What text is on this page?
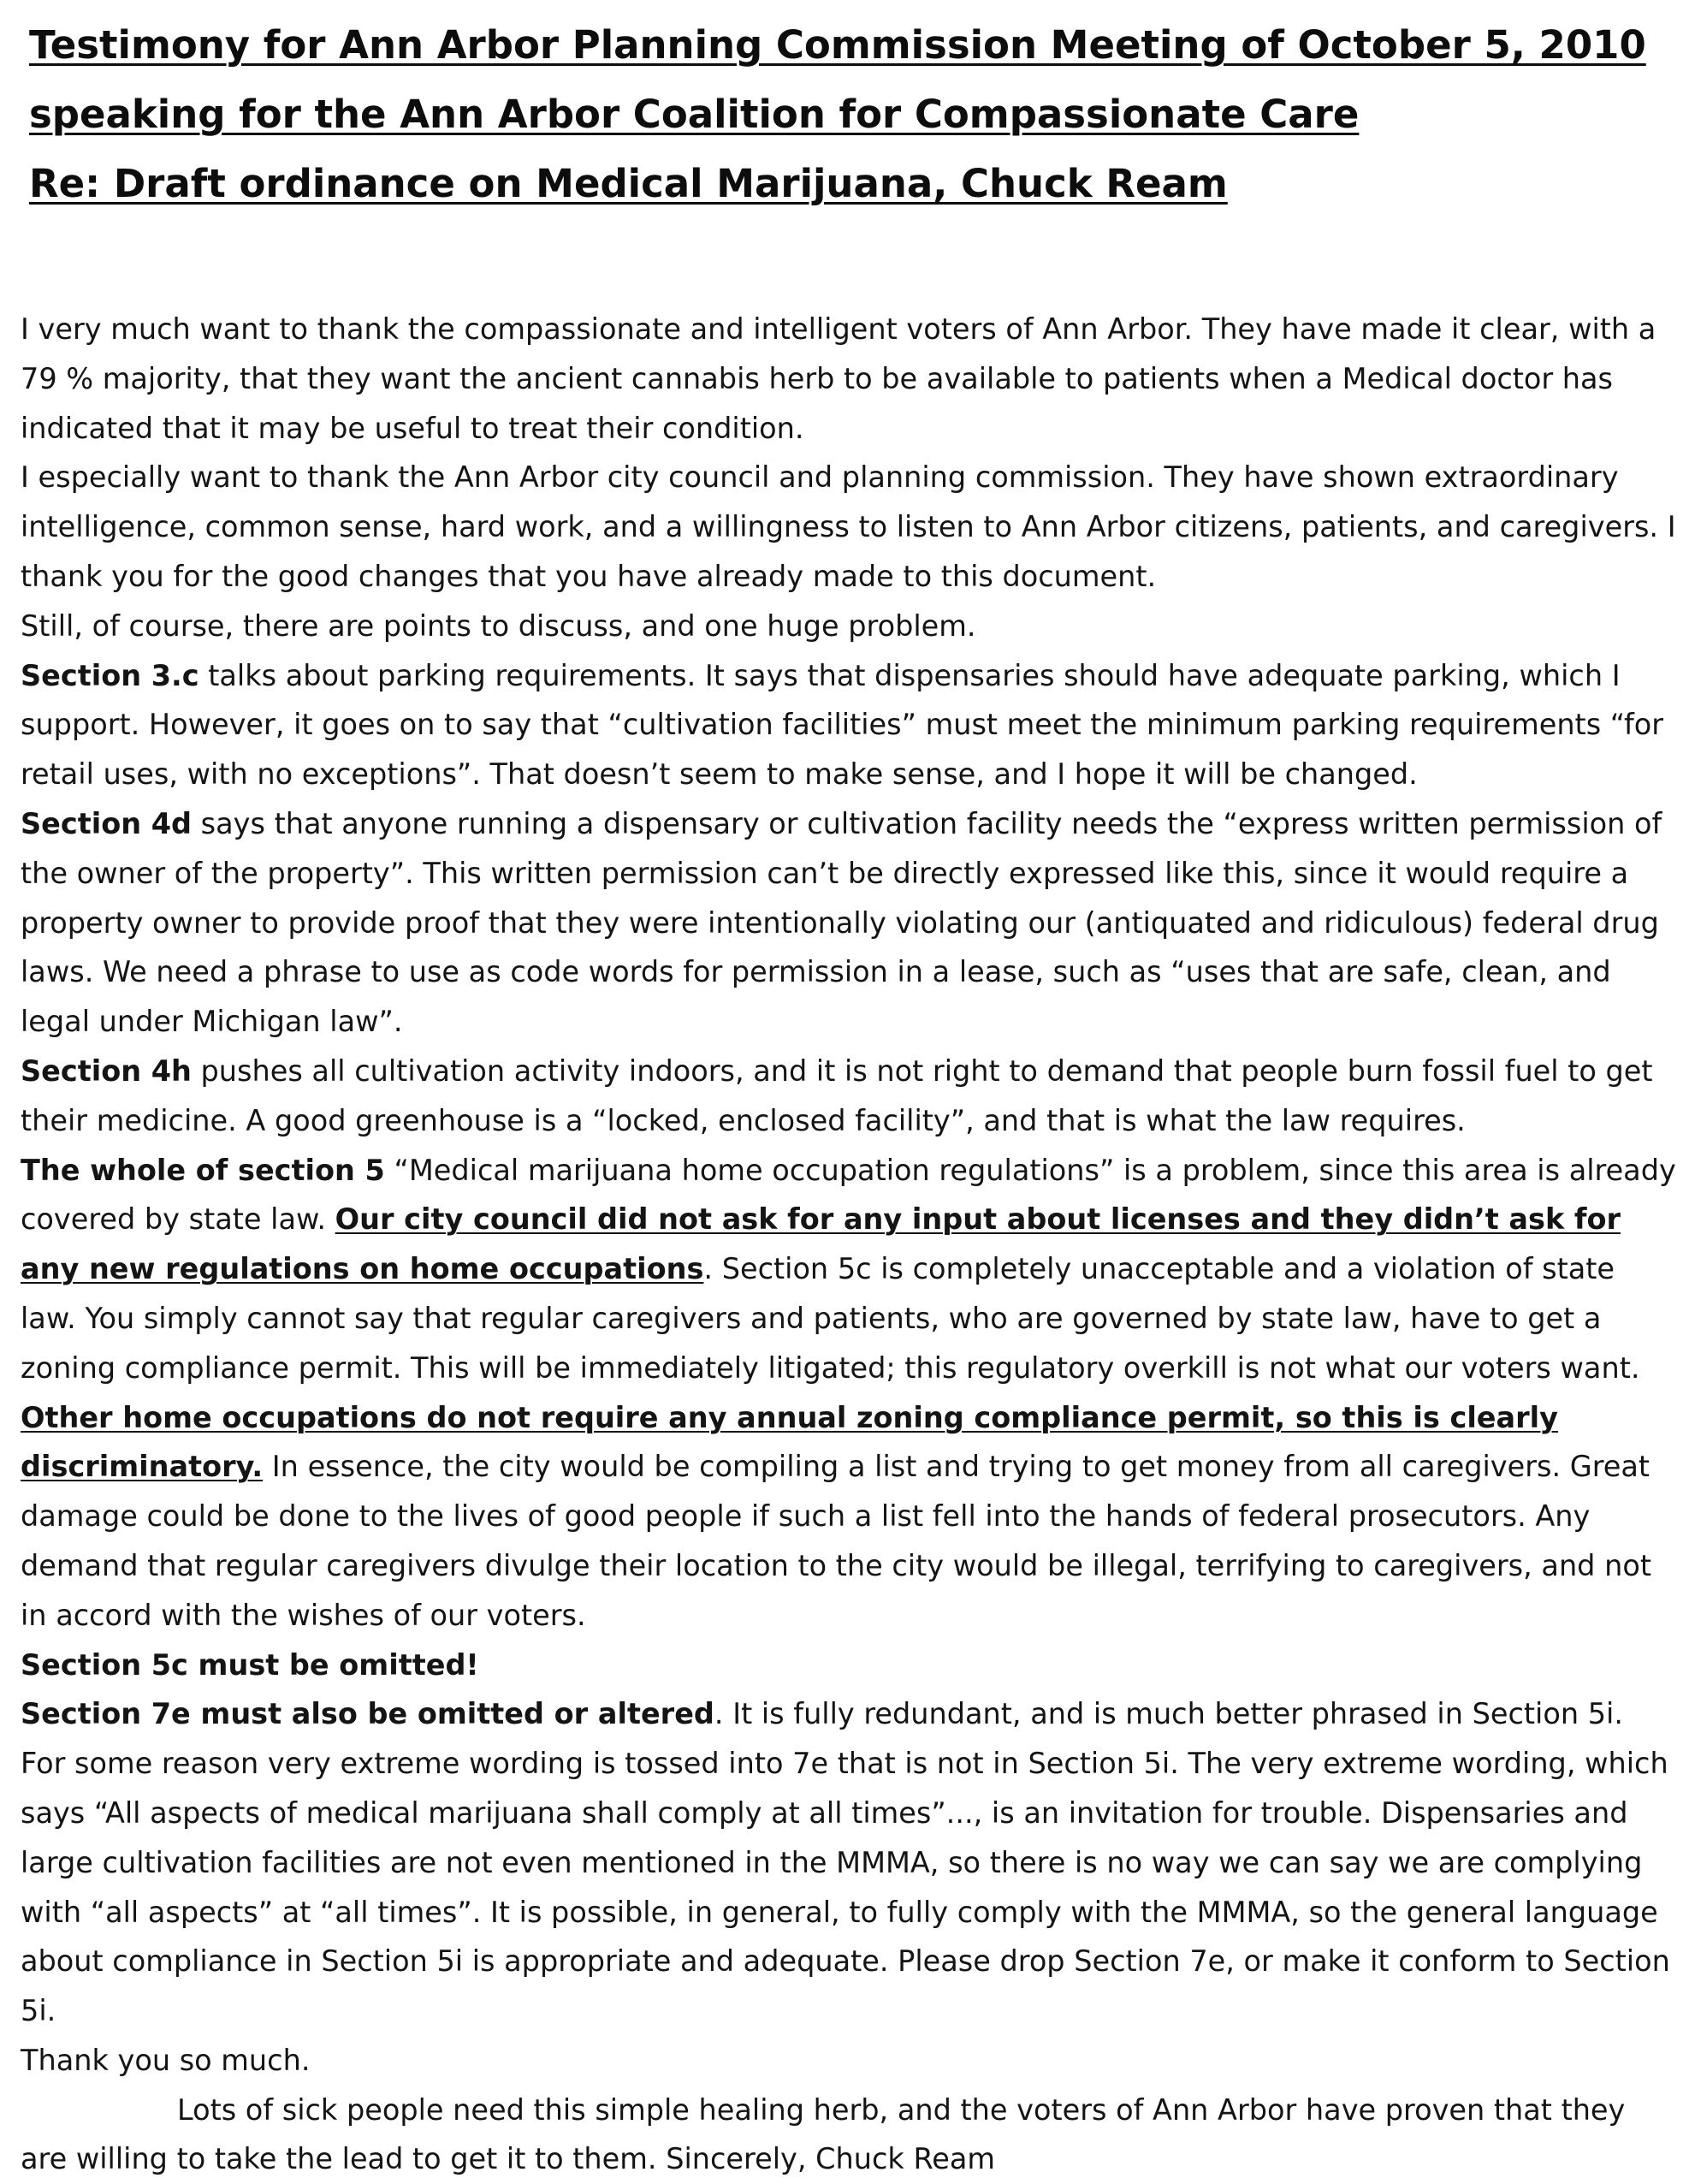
Testimony for Ann Arbor Planning Commission Meeting of October 5, 2010
speaking for the Ann Arbor Coalition for Compassionate Care
Re: Draft ordinance on Medical Marijuana, Chuck Ream

I very much want to thank the compassionate and intelligent voters of Ann Arbor. They have made it clear, with a 79 % majority, that they want the ancient cannabis herb to be available to patients when a Medical doctor has indicated that it may be useful to treat their condition.

I especially want to thank the Ann Arbor city council and planning commission. They have shown extraordinary intelligence, common sense, hard work, and a willingness to listen to Ann Arbor citizens, patients, and caregivers. I thank you for the good changes that you have already made to this document.

Still, of course, there are points to discuss, and one huge problem.

Section 3.c talks about parking requirements. It says that dispensaries should have adequate parking, which I support. However, it goes on to say that “cultivation facilities” must meet the minimum parking requirements “for retail uses, with no exceptions”. That doesn’t seem to make sense, and I hope it will be changed.

Section 4d says that anyone running a dispensary or cultivation facility needs the “express written permission of the owner of the property”. This written permission can’t be directly expressed like this, since it would require a property owner to provide proof that they were intentionally violating our (antiquated and ridiculous) federal drug laws. We need a phrase to use as code words for permission in a lease, such as “uses that are safe, clean, and legal under Michigan law”.

Section 4h pushes all cultivation activity indoors, and it is not right to demand that people burn fossil fuel to get their medicine. A good greenhouse is a “locked, enclosed facility”, and that is what the law requires.

The whole of section 5 “Medical marijuana home occupation regulations” is a problem, since this area is already covered by state law. Our city council did not ask for any input about licenses and they didn’t ask for any new regulations on home occupations. Section 5c is completely unacceptable and a violation of state law. You simply cannot say that regular caregivers and patients, who are governed by state law, have to get a zoning compliance permit. This will be immediately litigated; this regulatory overkill is not what our voters want. Other home occupations do not require any annual zoning compliance permit, so this is clearly discriminatory. In essence, the city would be compiling a list and trying to get money from all caregivers. Great damage could be done to the lives of good people if such a list fell into the hands of federal prosecutors. Any demand that regular caregivers divulge their location to the city would be illegal, terrifying to caregivers, and not in accord with the wishes of our voters.

Section 5c must be omitted!

Section 7e must also be omitted or altered. It is fully redundant, and is much better phrased in Section 5i. For some reason very extreme wording is tossed into 7e that is not in Section 5i. The very extreme wording, which says “All aspects of medical marijuana shall comply at all times”..., is an invitation for trouble. Dispensaries and large cultivation facilities are not even mentioned in the MMMA, so there is no way we can say we are complying with “all aspects” at “all times”. It is possible, in general, to fully comply with the MMMA, so the general language about compliance in Section 5i is appropriate and adequate. Please drop Section 7e, or make it conform to Section 5i.

Thank you so much.

Lots of sick people need this simple healing herb, and the voters of Ann Arbor have proven that they are willing to take the lead to get it to them. Sincerely, Chuck Ream
